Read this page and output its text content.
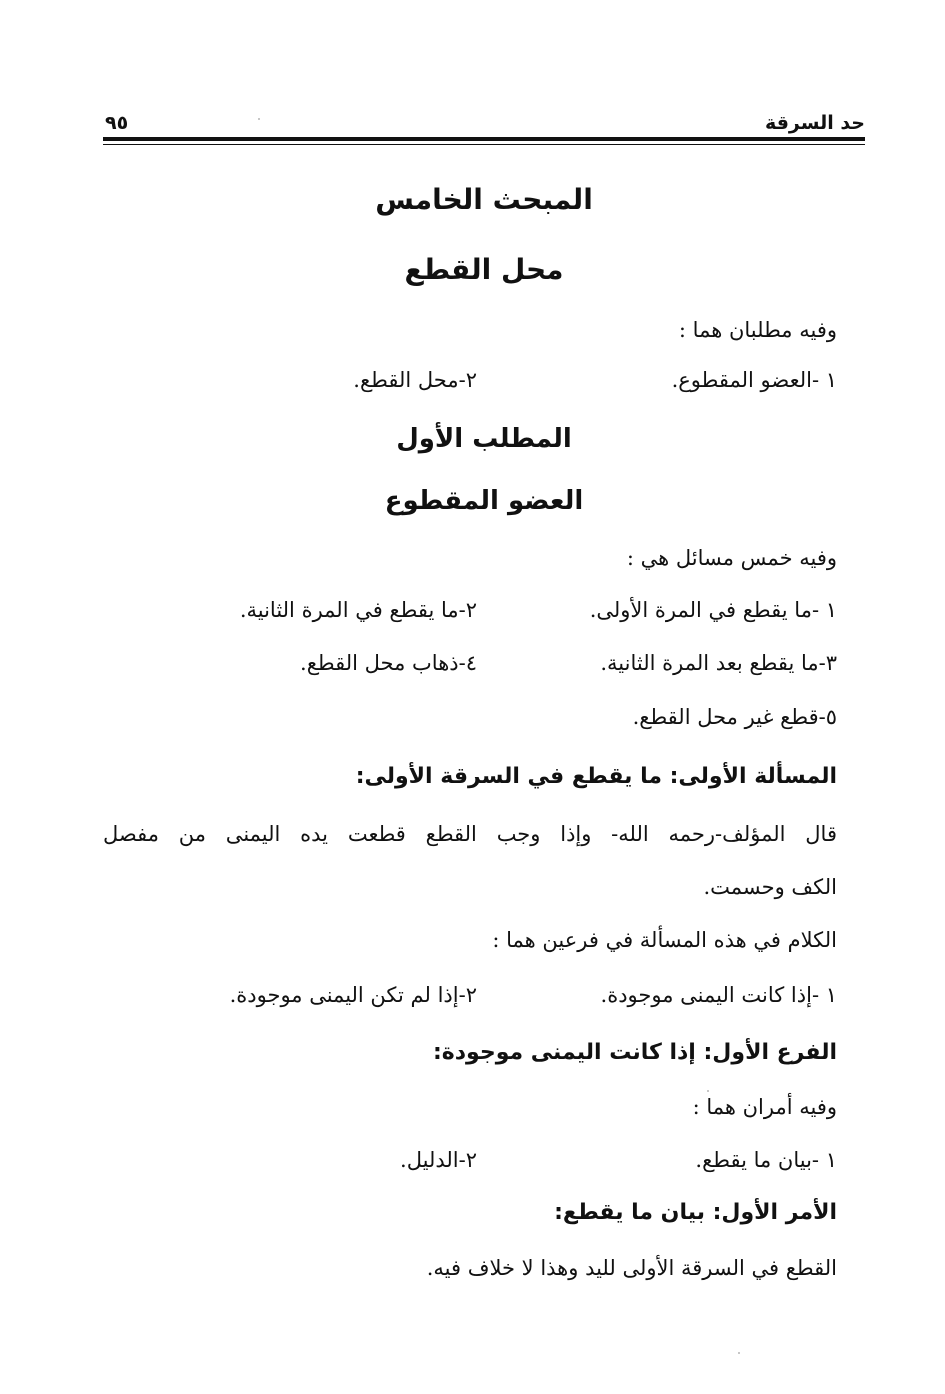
حد السرقة
٩٥
المبحث الخامس
محل القطع
وفيه مطلبان هما :
١ -العضو المقطوع.٢-محل القطع.
المطلب الأول
العضو المقطوع
وفيه خمس مسائل هي :
١ -ما يقطع في المرة الأولى.٢-ما يقطع في المرة الثانية.
٣-ما يقطع بعد المرة الثانية.٤-ذهاب محل القطع.
٥-قطع غير محل القطع.
المسألة الأولى: ما يقطع في السرقة الأولى:
قال المؤلف-رحمه الله- وإذا وجب القطع قطعت يده اليمنى من مفصل
الكف وحسمت.
الكلام في هذه المسألة في فرعين هما :
١ -إذا كانت اليمنى موجودة.٢-إذا لم تكن اليمنى موجودة.
الفرع الأول: إذا كانت اليمنى موجودة:
وفيه أمران هما :
١ -بيان ما يقطع.٢-الدليل.
الأمر الأول: بيان ما يقطع:
القطع في السرقة الأولى لليد وهذا لا خلاف فيه.
